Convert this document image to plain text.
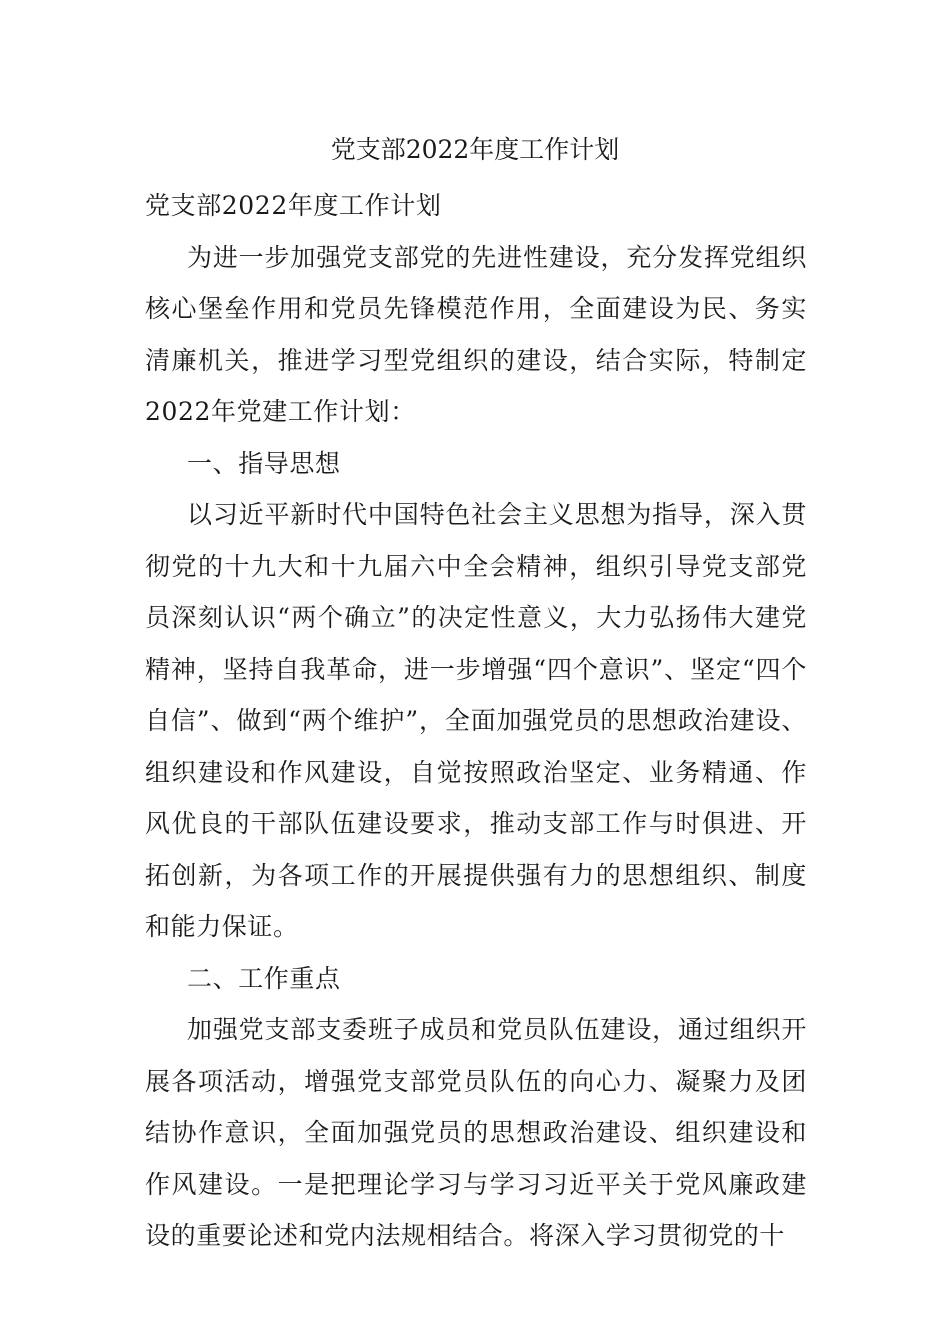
党支部2022年度工作计划

党支部2022年度工作计划

为进一步加强党支部党的先进性建设，充分发挥党组织核心堡垒作用和党员先锋模范作用，全面建设为民、务实清廉机关，推进学习型党组织的建设，结合实际，特制定2022年党建工作计划：

一、指导思想

以习近平新时代中国特色社会主义思想为指导，深入贯彻党的十九大和十九届六中全会精神，组织引导党支部党员深刻认识“两个确立”的决定性意义，大力弘扬伟大建党精神，坚持自我革命，进一步增强“四个意识”、坚定“四个自信”、做到“两个维护”，全面加强党员的思想政治建设、组织建设和作风建设，自觉按照政治坚定、业务精通、作风优良的干部队伍建设要求，推动支部工作与时俱进、开拓创新，为各项工作的开展提供强有力的思想组织、制度和能力保证。

二、工作重点

加强党支部支委班子成员和党员队伍建设，通过组织开展各项活动，增强党支部党员队伍的向心力、凝聚力及团结协作意识，全面加强党员的思想政治建设、组织建设和作风建设。一是把理论学习与学习习近平关于党风廉政建设的重要论述和党内法规相结合。将深入学习贯彻党的十
